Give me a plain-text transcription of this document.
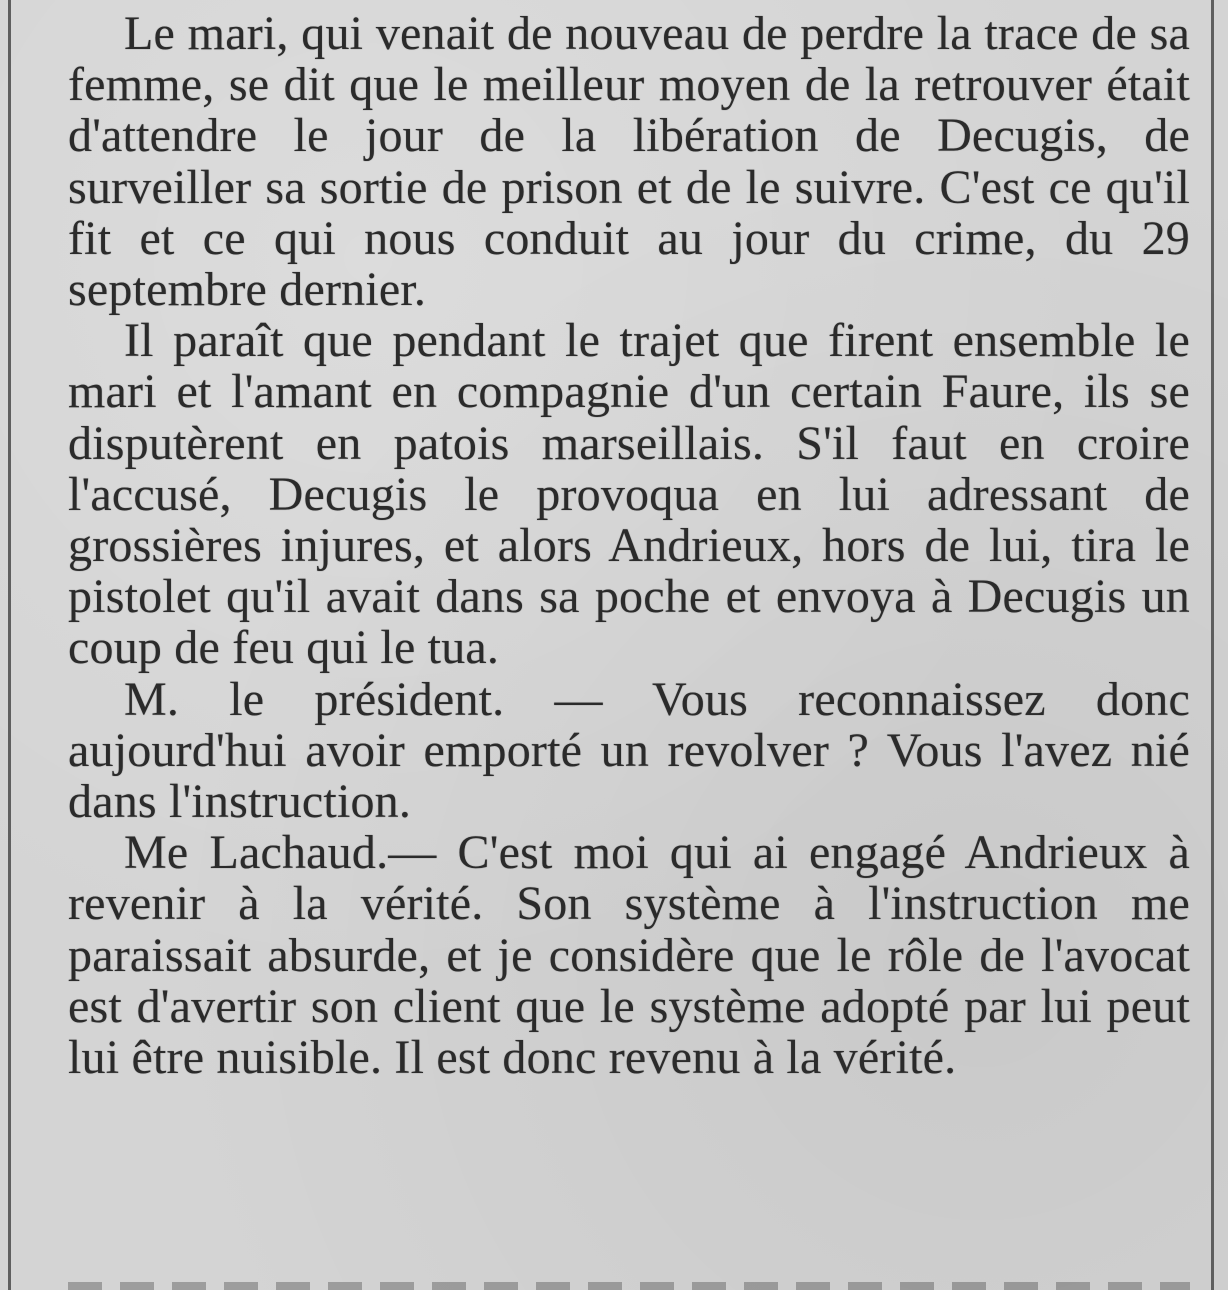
Le mari, qui venait de nouveau de perdre la trace de sa femme, se dit que le meilleur moyen de la retrouver était d'attendre le jour de la libération de Decugis, de surveiller sa sortie de prison et de le suivre. C'est ce qu'il fit et ce qui nous conduit au jour du crime, du 29 septembre dernier.

Il paraît que pendant le trajet que firent ensemble le mari et l'amant en compagnie d'un certain Faure, ils se disputèrent en patois marseillais. S'il faut en croire l'accusé, Decugis le provoqua en lui adressant de grossières injures, et alors Andrieux, hors de lui, tira le pistolet qu'il avait dans sa poche et envoya à Decugis un coup de feu qui le tua.

M. le président. — Vous reconnaissez donc aujourd'hui avoir emporté un revolver ? Vous l'avez nié dans l'instruction.

Me Lachaud.— C'est moi qui ai engagé Andrieux à revenir à la vérité. Son système à l'instruction me paraissait absurde, et je considère que le rôle de l'avocat est d'avertir son client que le système adopté par lui peut lui être nuisible. Il est donc revenu à la vérité.
